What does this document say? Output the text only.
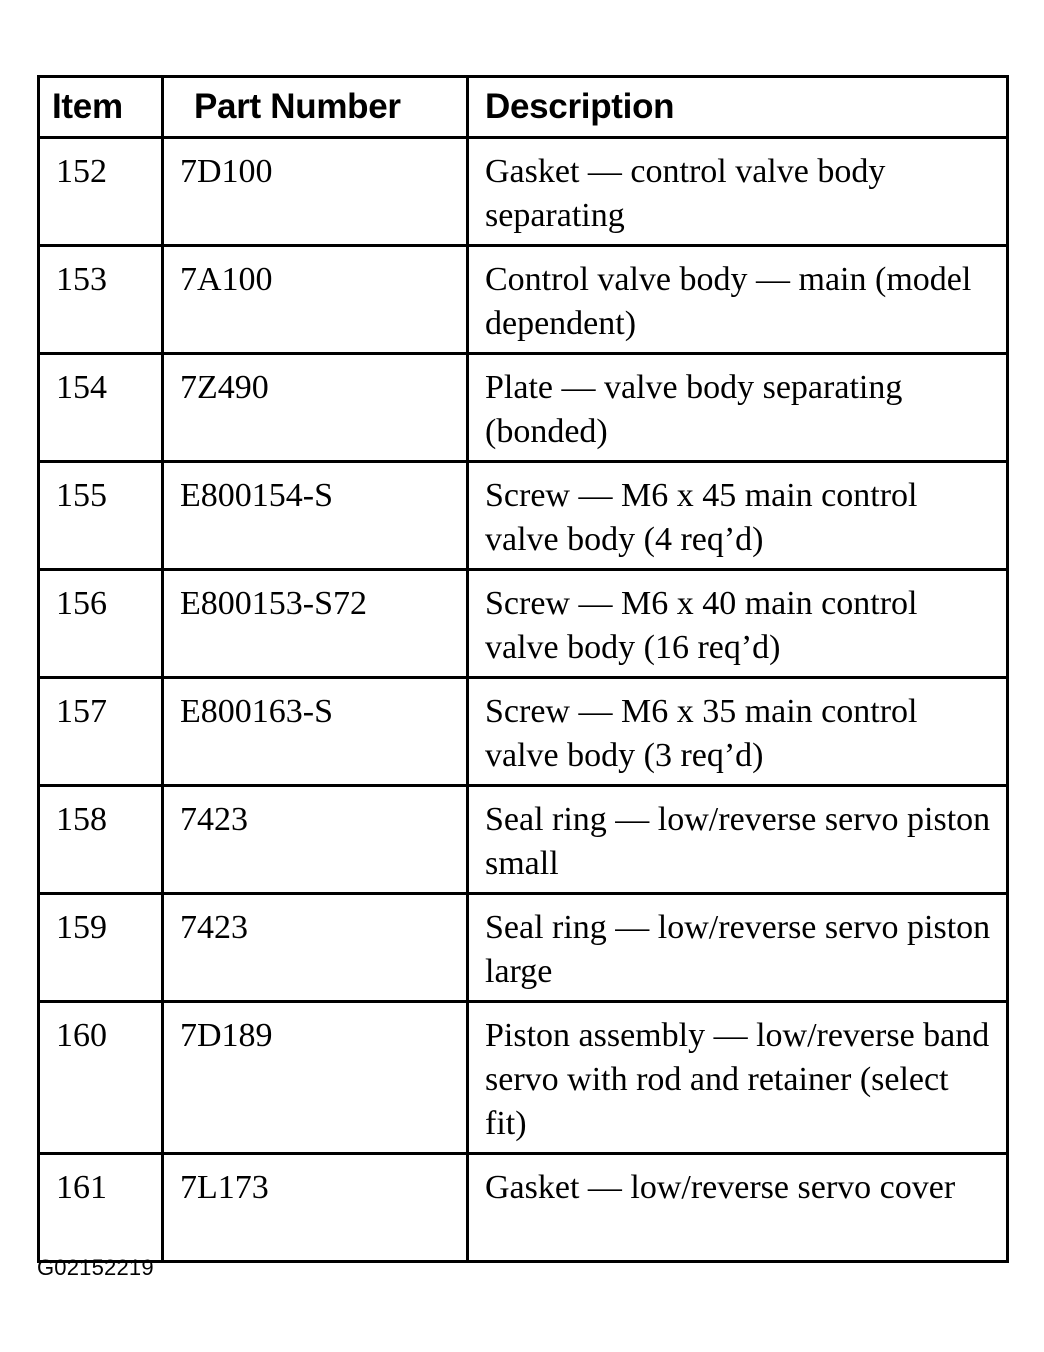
Item	Part Number	Description
152	7D100	Gasket — control valve body separating
153	7A100	Control valve body — main (model dependent)
154	7Z490	Plate — valve body separating (bonded)
155	E800154-S	Screw — M6 x 45 main control valve body (4 req’d)
156	E800153-S72	Screw — M6 x 40 main control valve body (16 req’d)
157	E800163-S	Screw — M6 x 35 main control valve body (3 req’d)
158	7423	Seal ring — low/reverse servo piston small
159	7423	Seal ring — low/reverse servo piston large
160	7D189	Piston assembly — low/reverse band servo with rod and retainer (select fit)
161	7L173	Gasket — low/reverse servo cover
G02152219
